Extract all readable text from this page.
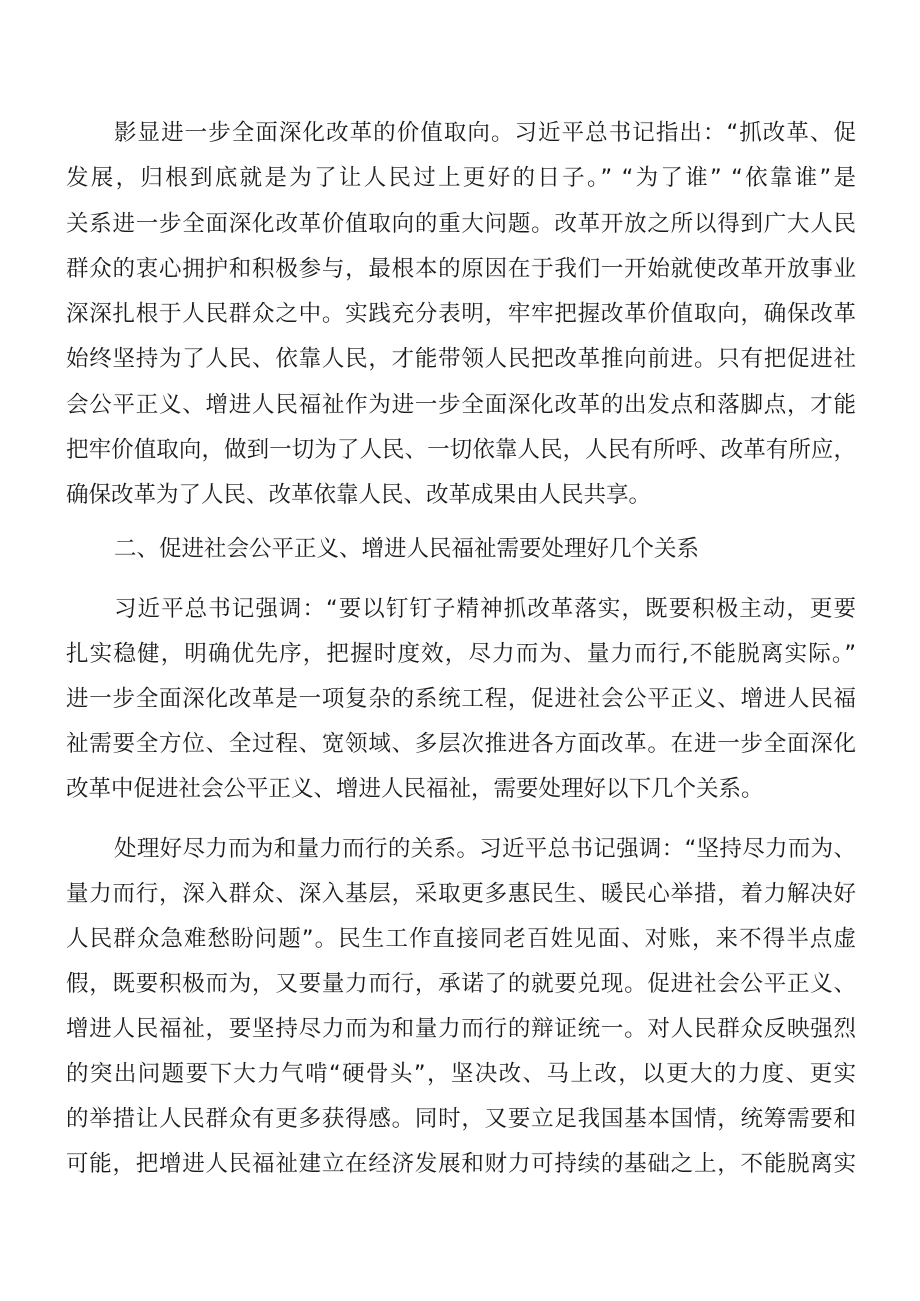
影显进一步全面深化改革的价值取向。习近平总书记指出：“抓改革、促
发展，归根到底就是为了让人民过上更好的日子。” “为了谁” “依靠谁”是
关系进一步全面深化改革价值取向的重大问题。改革开放之所以得到广大人民
群众的衷心拥护和积极参与，最根本的原因在于我们一开始就使改革开放事业
深深扎根于人民群众之中。实践充分表明，牢牢把握改革价值取向，确保改革
始终坚持为了人民、依靠人民，才能带领人民把改革推向前进。只有把促进社
会公平正义、增进人民福祉作为进一步全面深化改革的出发点和落脚点，才能
把牢价值取向，做到一切为了人民、一切依靠人民，人民有所呼、改革有所应，
确保改革为了人民、改革依靠人民、改革成果由人民共享。
二、促进社会公平正义、增进人民福祉需要处理好几个关系
习近平总书记强调：“要以钉钉子精神抓改革落实，既要积极主动，更要
扎实稳健，明确优先序，把握时度效，尽力而为、量力而行,不能脱离实际。”
进一步全面深化改革是一项复杂的系统工程，促进社会公平正义、增进人民福
祉需要全方位、全过程、宽领域、多层次推进各方面改革。在进一步全面深化
改革中促进社会公平正义、增进人民福祉，需要处理好以下几个关系。
处理好尽力而为和量力而行的关系。习近平总书记强调：“坚持尽力而为、
量力而行，深入群众、深入基层，采取更多惠民生、暖民心举措，着力解决好
人民群众急难愁盼问题”。民生工作直接同老百姓见面、对账，来不得半点虚
假，既要积极而为，又要量力而行，承诺了的就要兑现。促进社会公平正义、
增进人民福祉，要坚持尽力而为和量力而行的辩证统一。对人民群众反映强烈
的突出问题要下大力气啃“硬骨头”，坚决改、马上改，以更大的力度、更实
的举措让人民群众有更多获得感。同时，又要立足我国基本国情，统筹需要和
可能，把增进人民福祉建立在经济发展和财力可持续的基础之上，不能脱离实
